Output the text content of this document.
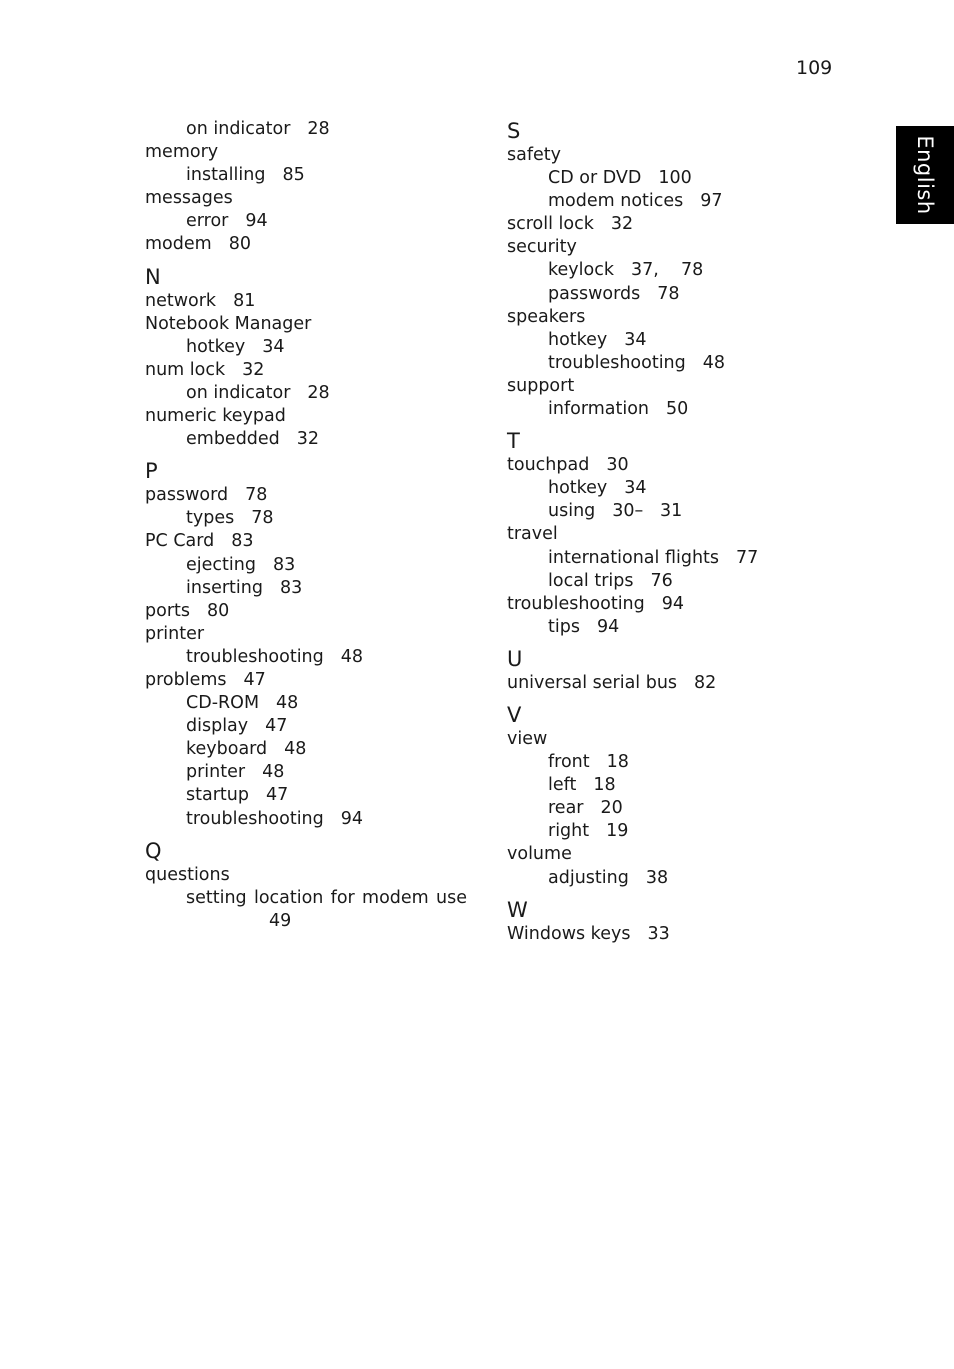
109
English
on indicator 28
memory
installing 85
messages
error 94
modem 80
N
network 81
Notebook Manager
hotkey 34
num lock 32
on indicator 28
numeric keypad
embedded 32
P
password 78
types 78
PC Card 83
ejecting 83
inserting 83
ports 80
printer
troubleshooting 48
problems 47
CD-ROM 48
display 47
keyboard 48
printer 48
startup 47
troubleshooting 94
Q
questions
setting location for modem use
49
S
safety
CD or DVD 100
modem notices 97
scroll lock 32
security
keylock 37,    78
passwords 78
speakers
hotkey 34
troubleshooting 48
support
information 50
T
touchpad 30
hotkey 34
using 30–   31
travel
international flights 77
local trips 76
troubleshooting 94
tips 94
U
universal serial bus 82
V
view
front 18
left 18
rear 20
right 19
volume
adjusting 38
W
Windows keys 33
